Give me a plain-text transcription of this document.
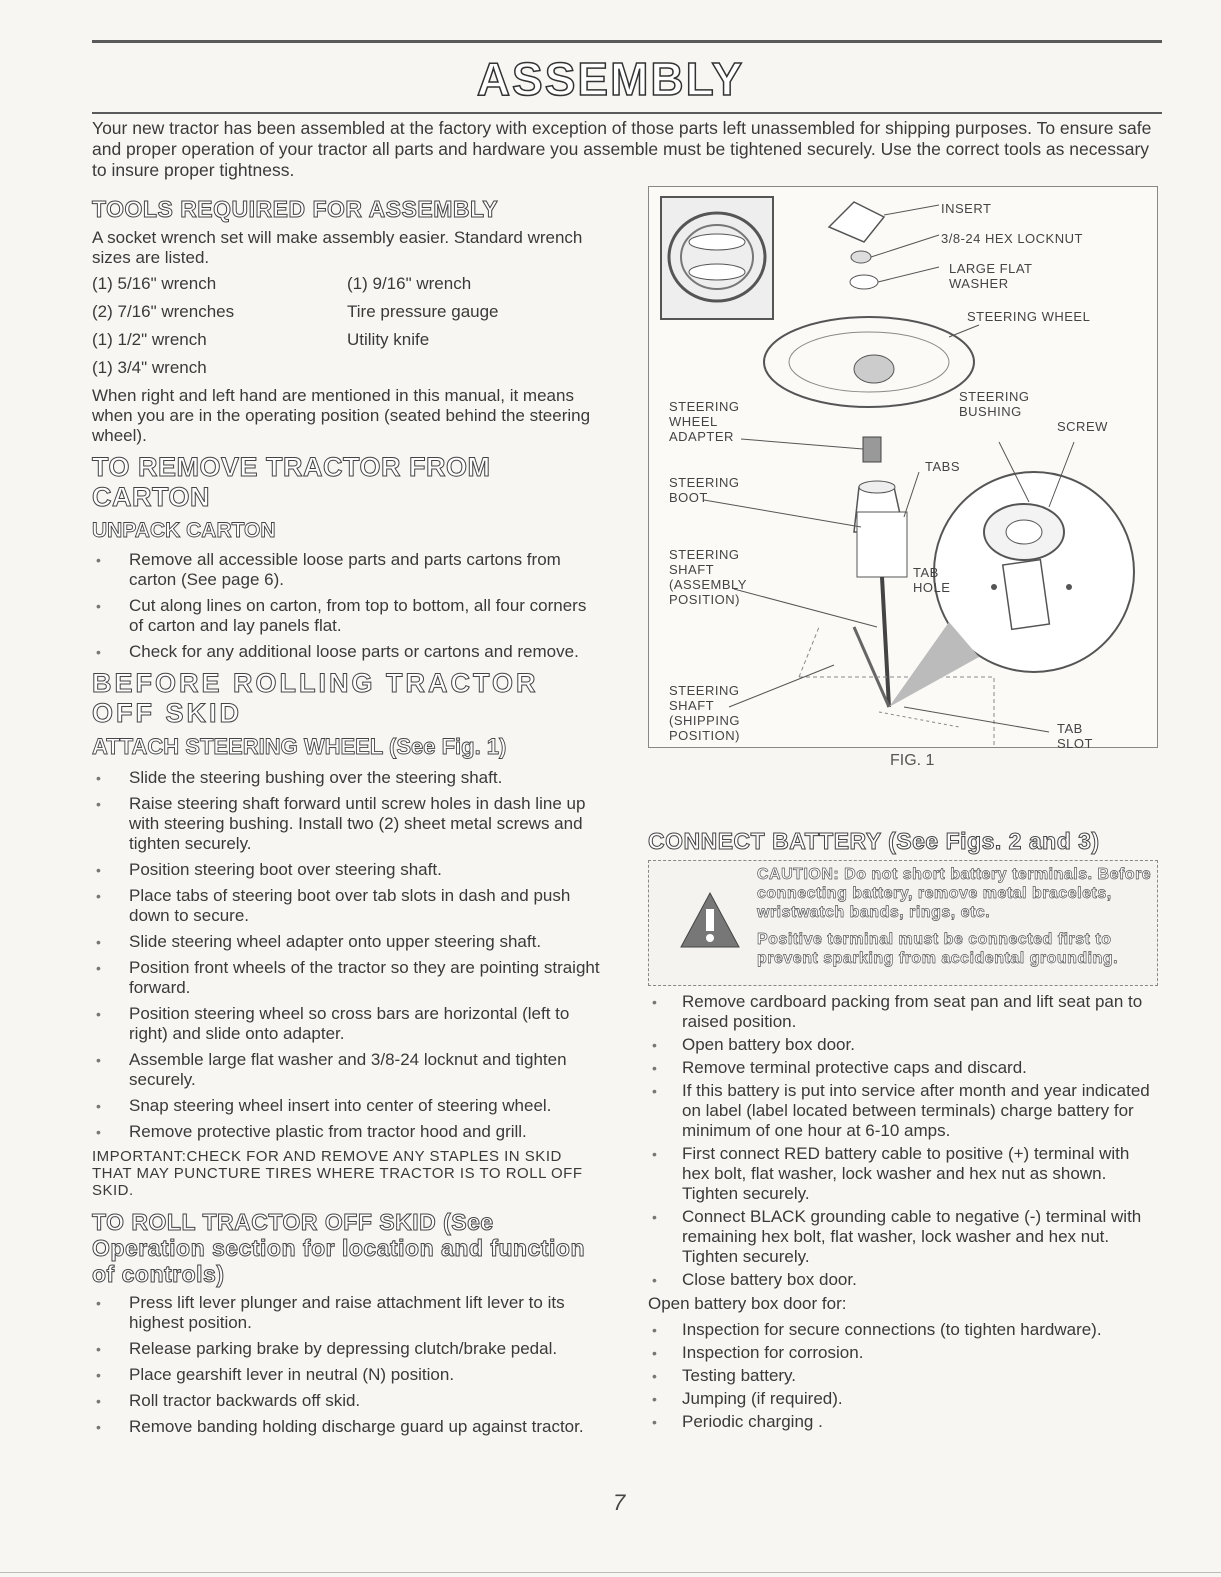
ASSEMBLY

Your new tractor has been assembled at the factory with exception of those parts left unassembled for shipping purposes. To ensure safe and proper operation of your tractor all parts and hardware you assemble must be tightened securely. Use the correct tools as necessary to insure proper tightness.

TOOLS REQUIRED FOR ASSEMBLY

A socket wrench set will make assembly easier. Standard wrench sizes are listed.

(1) 5/16" wrench	(1) 9/16" wrench
(2) 7/16" wrenches	Tire pressure gauge
(1) 1/2" wrench	Utility knife
(1) 3/4" wrench

When right and left hand are mentioned in this manual, it means when you are in the operating position (seated behind the steering wheel).

TO REMOVE TRACTOR FROM CARTON
UNPACK CARTON
• Remove all accessible loose parts and parts cartons from carton (See page 6).
• Cut along lines on carton, from top to bottom, all four corners of carton and lay panels flat.
• Check for any additional loose parts or cartons and remove.
BEFORE ROLLING TRACTOR OFF SKID
ATTACH STEERING WHEEL (See Fig. 1)
• Slide the steering bushing over the steering shaft.
• Raise steering shaft forward until screw holes in dash line up with steering bushing. Install two (2) sheet metal screws and tighten securely.
• Position steering boot over steering shaft.
• Place tabs of steering boot over tab slots in dash and push down to secure.
• Slide steering wheel adapter onto upper steering shaft.
• Position front wheels of the tractor so they are pointing straight forward.
• Position steering wheel so cross bars are horizontal (left to right) and slide onto adapter.
• Assemble large flat washer and 3/8-24 locknut and tighten securely.
• Snap steering wheel insert into center of steering wheel.
• Remove protective plastic from tractor hood and grill.
IMPORTANT:CHECK FOR AND REMOVE ANY STAPLES IN SKID THAT MAY PUNCTURE TIRES WHERE TRACTOR IS TO ROLL OFF SKID.
TO ROLL TRACTOR OFF SKID (See Operation section for location and function of controls)
• Press lift lever plunger and raise attachment lift lever to its highest position.
• Release parking brake by depressing clutch/brake pedal.
• Place gearshift lever in neutral (N) position.
• Roll tractor backwards off skid.
• Remove banding holding discharge guard up against tractor.
INSERT
3/8-24 HEX LOCKNUT
LARGE FLAT WASHER
STEERING WHEEL
STEERING BUSHING
SCREW
STEERING WHEEL ADAPTER
TABS
STEERING BOOT
STEERING SHAFT (ASSEMBLY POSITION)
TAB HOLE
STEERING SHAFT (SHIPPING POSITION)	TAB SLOT
FIG. 1
CONNECT BATTERY (See Figs. 2 and 3)
CAUTION: Do not short battery terminals. Before connecting battery, remove metal bracelets, wristwatch bands, rings, etc.
Positive terminal must be connected first to prevent sparking from accidental grounding.
• Remove cardboard packing from seat pan and lift seat pan to raised position.
• Open battery box door.
• Remove terminal protective caps and discard.
• If this battery is put into service after month and year indicated on label (label located between terminals) charge battery for minimum of one hour at 6-10 amps.
• First connect RED battery cable to positive (+) terminal with hex bolt, flat washer, lock washer and hex nut as shown. Tighten securely.
• Connect BLACK grounding cable to negative (-) terminal with remaining hex bolt, flat washer, lock washer and hex nut. Tighten securely.
• Close battery box door.

Open battery box door for:

• Inspection for secure connections (to tighten hardware).
• Inspection for corrosion.
• Testing battery.
• Jumping (if required).
• Periodic charging .
7
